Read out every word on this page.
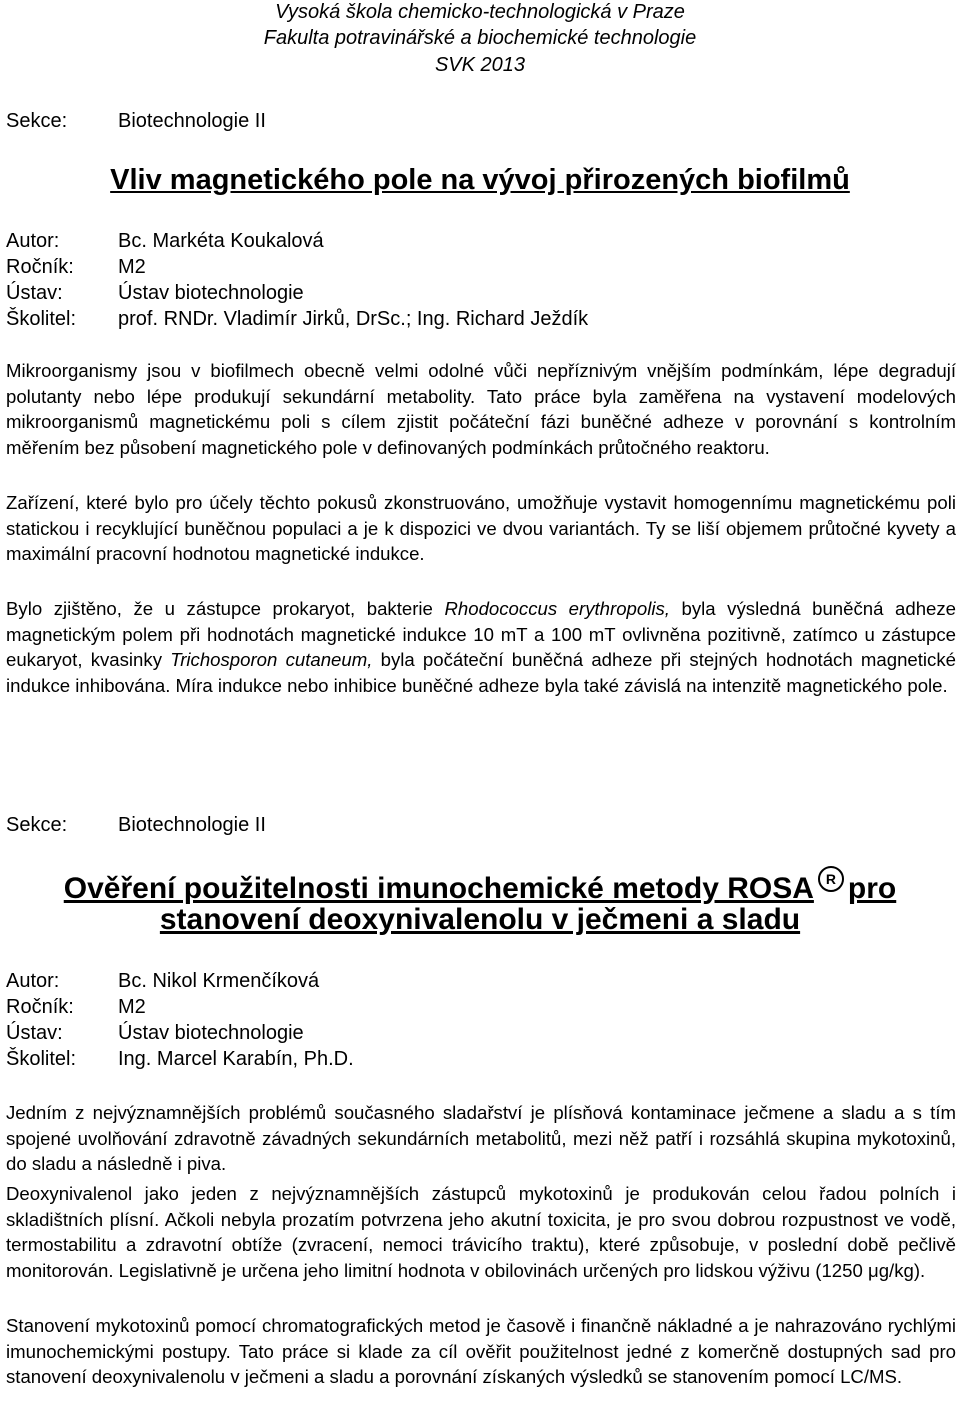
Vysoká škola chemicko-technologická v Praze
Fakulta potravinářské a biochemické technologie
SVK 2013
Sekce:	Biotechnologie II
Vliv magnetického pole na vývoj přirozených biofilmů
Autor:	Bc. Markéta Koukalová
Ročník: M2
Ústav:	Ústav biotechnologie
Školitel: prof. RNDr. Vladimír Jirků, DrSc.; Ing. Richard Ježdík

Mikroorganismy jsou v biofilmech obecně velmi odolné vůči nepříznivým vnějším podmínkám, lépe degradují polutanty nebo lépe produkují sekundární metabolity. Tato práce byla zaměřena na vystavení modelových mikroorganismů magnetickému poli s cílem zjistit počáteční fázi buněčné adheze v porovnání s kontrolním měřením bez působení magnetického pole v definovaných podmínkách průtočného reaktoru.

Zařízení, které bylo pro účely těchto pokusů zkonstruováno, umožňuje vystavit homogennímu magnetickému poli statickou i recyklující buněčnou populaci a je k dispozici ve dvou variantách. Ty se liší objemem průtočné kyvety a maximální pracovní hodnotou magnetické indukce.

Bylo zjištěno, že u zástupce prokaryot, bakterie Rhodococcus erythropolis, byla výsledná buněčná adheze magnetickým polem při hodnotách magnetické indukce 10 mT a 100 mT ovlivněna pozitivně, zatímco u zástupce eukaryot, kvasinky Trichosporon cutaneum, byla počáteční buněčná adheze při stejných hodnotách magnetické indukce inhibována. Míra indukce nebo inhibice buněčné adheze byla také závislá na intenzitě magnetického pole.

Sekce:	Biotechnologie II
Ověření použitelnosti imunochemické metody ROSA R pro
stanovení deoxynivalenolu v ječmeni a sladu
Autor:	Bc. Nikol Krmenčíková
Ročník: M2
Ústav:	Ústav biotechnologie
Školitel: Ing. Marcel Karabín, Ph.D.

Jedním z nejvýznamnějších problémů současného sladařství je plísňová kontaminace ječmene a sladu a s tím spojené uvolňování zdravotně závadných sekundárních metabolitů, mezi něž patří i rozsáhlá skupina mykotoxinů, do sladu a následně i piva.

Deoxynivalenol jako jeden z nejvýznamnějších zástupců mykotoxinů je produkován celou řadou polních i skladištních plísní. Ačkoli nebyla prozatím potvrzena jeho akutní toxicita, je pro svou dobrou rozpustnost ve vodě, termostabilitu a zdravotní obtíže (zvracení, nemoci trávicího traktu), které způsobuje, v poslední době pečlivě monitorován. Legislativně je určena jeho limitní hodnota v obilovinách určených pro lidskou výživu (1250 μg/kg).

Stanovení mykotoxinů pomocí chromatografických metod je časově i finančně nákladné a je nahrazováno rychlými imunochemickými postupy. Tato práce si klade za cíl ověřit použitelnost jedné z komerčně dostupných sad pro stanovení deoxynivalenolu v ječmeni a sladu a porovnání získaných výsledků se stanovením pomocí LC/MS.
